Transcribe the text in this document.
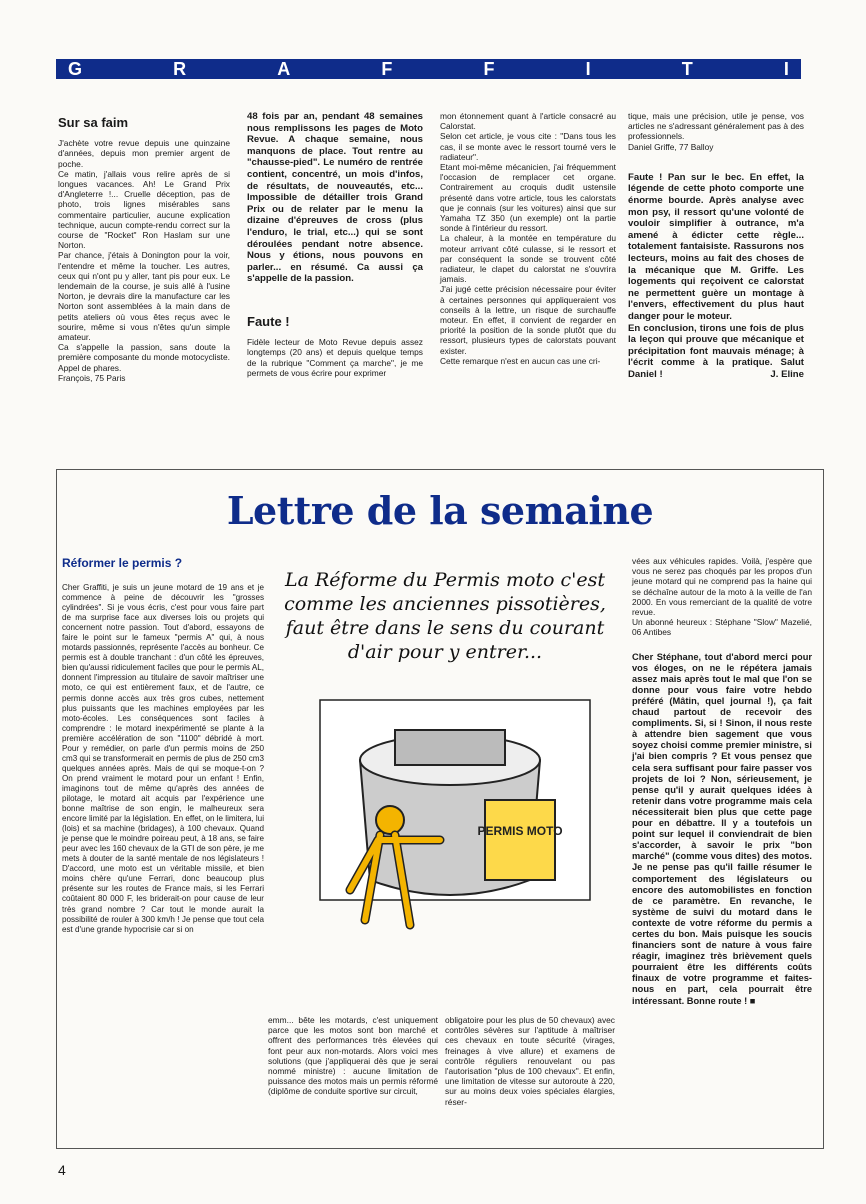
G	R	A	F	F	I	T	I
Sur sa faim

J'achète votre revue depuis une quinzaine d'années, depuis mon premier argent de poche.

Ce matin, j'allais vous relire après de si longues vacances. Ah! Le Grand Prix d'Angleterre !... Cruelle déception, pas de photo, trois lignes misérables sans commentaire particulier, aucune explication technique, aucun compte-rendu correct sur la course de "Rocket" Ron Haslam sur une Norton.

Par chance, j'étais à Donington pour la voir, l'entendre et même la toucher. Les autres, ceux qui n'ont pu y aller, tant pis pour eux. Le lendemain de la course, je suis allé à l'usine Norton, je devrais dire la manufacture car les Norton sont assemblées à la main dans de petits ateliers où vous êtes reçus avec le sourire, même si vous n'êtes qu'un simple amateur.

Ca s'appelle la passion, sans doute la première composante du monde motocycliste. Appel de phares.

François, 75 Paris

48 fois par an, pendant 48 semaines nous remplissons les pages de Moto Revue. A chaque semaine, nous manquons de place. Tout rentre au "chausse-pied". Le numéro de rentrée contient, concentré, un mois d'infos, de résultats, de nouveautés, etc... Impossible de détailler trois Grand Prix ou de relater par le menu la dizaine d'épreuves de cross (plus l'enduro, le trial, etc...) qui se sont déroulées pendant notre absence. Nous y étions, nous pouvons en parler... en résumé. Ca aussi ça s'appelle de la passion.

Faute !

Fidèle lecteur de Moto Revue depuis assez longtemps (20 ans) et depuis quelque temps de la rubrique "Comment ça marche", je me permets de vous écrire pour exprimer

mon étonnement quant à l'article consacré au Calorstat.

Selon cet article, je vous cite : "Dans tous les cas, il se monte avec le ressort tourné vers le radiateur".

Etant moi-même mécanicien, j'ai fréquemment l'occasion de remplacer cet organe. Contrairement au croquis dudit ustensile présenté dans votre article, tous les calorstats que je connais (sur les voitures) ainsi que sur Yamaha TZ 350 (un exemple) ont la partie sonde à l'intérieur du ressort.

La chaleur, à la montée en température du moteur arrivant côté culasse, si le ressort et par conséquent la sonde se trouvent côté radiateur, le clapet du calorstat ne s'ouvrira jamais.

J'ai jugé cette précision nécessaire pour éviter à certaines personnes qui appliqueraient vos conseils à la lettre, un risque de surchauffe moteur. En effet, il convient de regarder en priorité la position de la sonde plutôt que du ressort, plusieurs types de calorstats pouvant exister.

Cette remarque n'est en aucun cas une cri-

tique, mais une précision, utile je pense, vos articles ne s'adressant généralement pas à des professionnels.

Daniel Griffe, 77 Balloy

Faute ! Pan sur le bec. En effet, la légende de cette photo comporte une énorme bourde. Après analyse avec mon psy, il ressort qu'une volonté de vouloir simplifier à outrance, m'a amené à édicter cette règle... totalement fantaisiste. Rassurons nos lecteurs, moins au fait des choses de la mécanique que M. Griffe. Les logements qui reçoivent ce calorstat ne permettent guère un montage à l'envers, effectivement du plus haut danger pour le moteur.

En conclusion, tirons une fois de plus la leçon qui prouve que mécanique et précipitation font mauvais ménage; à l'écrit comme à la pratique. Salut Daniel !	J. Eline

Lettre de la semaine
Réformer le permis ?

Cher Graffiti, je suis un jeune motard de 19 ans et je commence à peine de découvrir les "grosses cylindrées". Si je vous écris, c'est pour vous faire part de ma surprise face aux diverses lois ou projets qui concernent notre passion. Tout d'abord, essayons de faire le point sur le fameux "permis A" qui, à nous motards passionnés, représente l'accès au bonheur. Ce permis est à double tranchant : d'un côté les épreuves, bien qu'aussi ridiculement faciles que pour le permis AL, donnent l'impression au titulaire de savoir maîtriser une moto, ce qui est entièrement faux, et de l'autre, ce permis donne accès aux très gros cubes, nettement plus puissants que les machines employées par les moto-écoles. Les conséquences sont faciles à comprendre : le motard inexpérimenté se plante à la première accélération de son "1100" débridé à mort. Pour y remédier, on parle d'un permis moins de 250 cm3 qui se transformerait en permis de plus de 250 cm3 quelques années après. Mais de qui se moque-t-on ? On prend vraiment le motard pour un enfant ! Enfin, imaginons tout de même qu'après des années de pilotage, le motard ait acquis par l'expérience une bonne maîtrise de son engin, le malheureux sera encore limité par la législation. En effet, on le limitera, lui (lois) et sa machine (bridages), à 100 chevaux. Quand je pense que le moindre poireau peut, à 18 ans, se faire peur avec les 160 chevaux de la GTI de son père, je me mets à douter de la santé mentale de nos législateurs ! D'accord, une moto est un véritable missile, et bien moins chère qu'une Ferrari, donc beaucoup plus présente sur les routes de France mais, si les Ferrari coûtaient 80 000 F, les briderait-on pour cause de leur très grand nombre ? Car tout le monde aurait la possibilité de rouler à 300 km/h ! Je pense que tout cela est d'une grande hypocrisie car si on

La Réforme du Permis moto c'est comme les anciennes pissotières, faut être dans le sens du courant d'air pour y entrer...
PERMIS MOTO

emm... bête les motards, c'est uniquement parce que les motos sont bon marché et offrent des performances très élevées qui font peur aux non-motards. Alors voici mes solutions (que j'appliquerai dès que je serai nommé ministre) : aucune limitation de puissance des motos mais un permis réformé (diplôme de conduite sportive sur circuit,

obligatoire pour les plus de 50 chevaux) avec contrôles sévères sur l'aptitude à maîtriser ces chevaux en toute sécurité (virages, freinages à vive allure) et examens de contrôle réguliers renouvelant ou pas l'autorisation "plus de 100 chevaux". Et enfin, une limitation de vitesse sur autoroute à 220, sur au moins deux voies spéciales élargies, réser-

vées aux véhicules rapides. Voilà, j'espère que vous ne serez pas choqués par les propos d'un jeune motard qui ne comprend pas la haine qui se déchaîne autour de la moto à la veille de l'an 2000. En vous remerciant de la qualité de votre revue.

Un abonné heureux : Stéphane "Slow" Mazelié, 06 Antibes

Cher Stéphane, tout d'abord merci pour vos éloges, on ne le répétera jamais assez mais après tout le mal que l'on se donne pour vous faire votre hebdo préféré (Mâtin, quel journal !), ça fait chaud partout de recevoir des compliments. Si, si ! Sinon, il nous reste à attendre bien sagement que vous soyez choisi comme premier ministre, si j'ai bien compris ? Et vous pensez que cela sera suffisant pour faire passer vos projets de loi ? Non, sérieusement, je pense qu'il y aurait quelques idées à retenir dans votre programme mais cela nécessiterait bien plus que cette page pour en débattre. Il y a toutefois un point sur lequel il conviendrait de bien s'accorder, à savoir le prix "bon marché" (comme vous dites) des motos. Je ne pense pas qu'il faille résumer le comportement des législateurs ou encore des automobilistes en fonction de ce paramètre. En revanche, le système de suivi du motard dans le contexte de votre réforme du permis a certes du bon. Mais puisque les soucis financiers sont de nature à vous faire réagir, imaginez très brièvement quels pourraient être les différents coûts finaux de votre programme et faites-nous en part, cela pourrait être intéressant. Bonne route ! ■

4
